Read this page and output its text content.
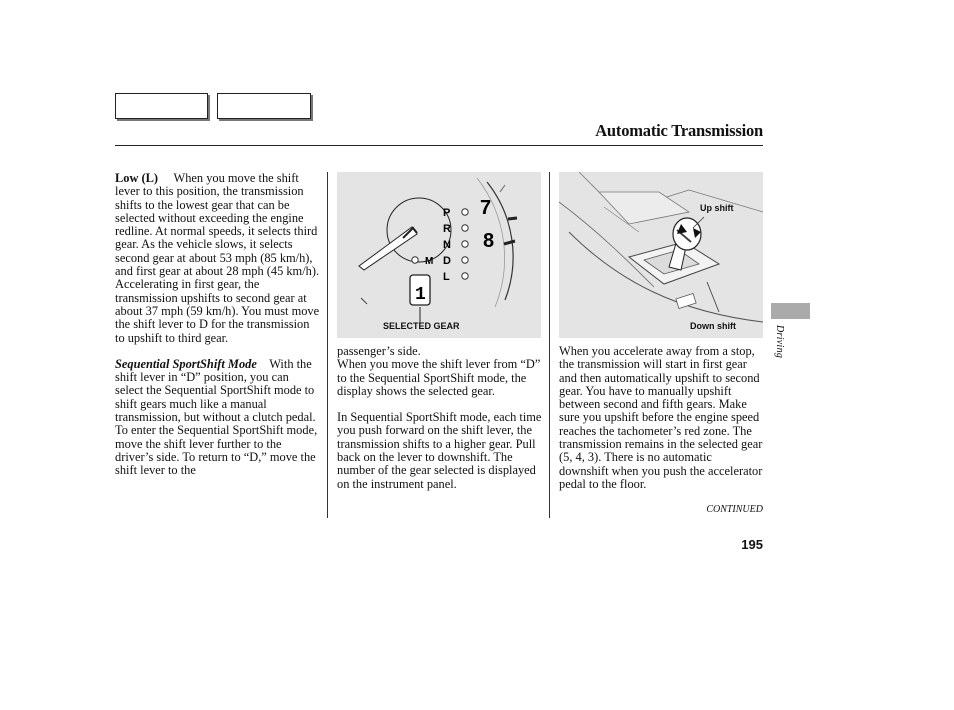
Automatic Transmission

Low (L) When you move the shift lever to this position, the transmission shifts to the lowest gear that can be selected without exceeding the engine redline. At normal speeds, it selects third gear. As the vehicle slows, it selects second gear at about 53 mph (85 km/h), and first gear at about 28 mph (45 km/h). Accelerating in first gear, the transmission upshifts to second gear at about 37 mph (59 km/h). You must move the shift lever to D for the transmission to upshift to third gear.

Sequential SportShift Mode With the shift lever in “D” position, you can select the Sequential SportShift mode to shift gears much like a manual transmission, but without a clutch pedal.

To enter the Sequential SportShift mode, move the shift lever further to the driver’s side. To return to “D,” move the shift lever to the

P
R
N
D
L
M
7
8
1
SELECTED GEAR
Up shift
Down shift

passenger’s side.

When you move the shift lever from “D” to the Sequential SportShift mode, the display shows the selected gear.

In Sequential SportShift mode, each time you push forward on the shift lever, the transmission shifts to a higher gear. Pull back on the lever to downshift. The number of the gear selected is displayed on the instrument panel.

When you accelerate away from a stop, the transmission will start in first gear and then automatically upshift to second gear. You have to manually upshift between second and fifth gears. Make sure you upshift before the engine speed reaches the tachometer’s red zone. The transmission remains in the selected gear (5, 4, 3). There is no automatic downshift when you push the accelerator pedal to the floor.

CONTINUED
195
Driving
